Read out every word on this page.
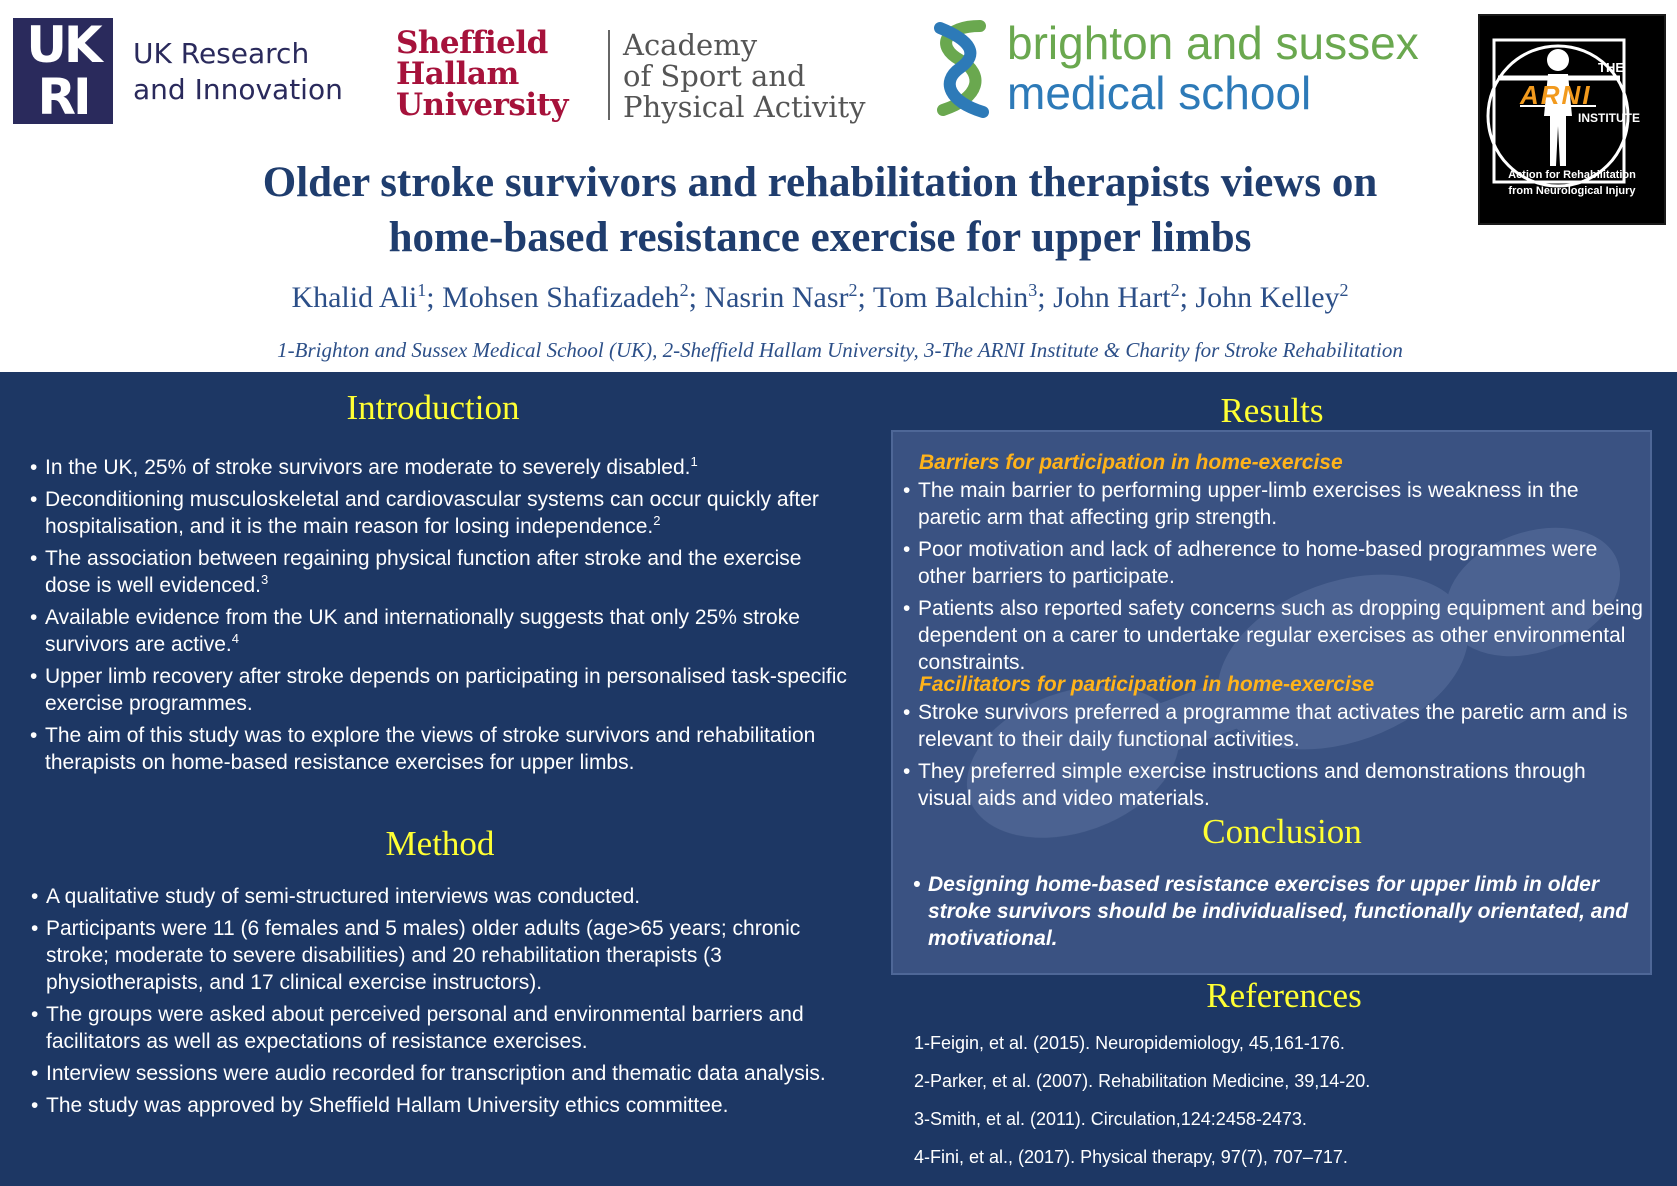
UK
RI
UK Research
and Innovation
Sheffield
Hallam
University
Academy
of Sport and
Physical Activity
brighton and sussex
medical school	THE
ARNI
INSTITUTE
Action for Rehabilitation
from Neurological Injury
Older stroke survivors and rehabilitation therapists views on
home-based resistance exercise for upper limbs
Khalid Ali$^1$; Mohsen Shafizadeh$^2$; Nasrin Nasr$^2$; Tom Balchin$^3$; John Hart$^2$; John Kelley$^2$
1-Brighton and Sussex Medical School (UK), 2-Sheffield Hallam University, 3-The ARNI Institute & Charity for Stroke Rehabilitation
Introduction
• In the UK, 25% of stroke survivors are moderate to severely disabled.$^1$
• Deconditioning musculoskeletal and cardiovascular systems can occur quickly after hospitalisation, and it is the main reason for losing independence.$^2$
• The association between regaining physical function after stroke and the exercise dose is well evidenced.$^3$
• Available evidence from the UK and internationally suggests that only 25% stroke survivors are active.$^4$
• Upper limb recovery after stroke depends on participating in personalised task-specific exercise programmes.
• The aim of this study was to explore the views of stroke survivors and rehabilitation therapists on home-based resistance exercises for upper limbs.
Method
• A qualitative study of semi-structured interviews was conducted.
• Participants were 11 (6 females and 5 males) older adults (age>65 years; chronic stroke; moderate to severe disabilities) and 20 rehabilitation therapists (3 physiotherapists, and 17 clinical exercise instructors).
• The groups were asked about perceived personal and environmental barriers and facilitators as well as expectations of resistance exercises.
• Interview sessions were audio recorded for transcription and thematic data analysis.
• The study was approved by Sheffield Hallam University ethics committee.
Results
Barriers for participation in home-exercise
• The main barrier to performing upper-limb exercises is weakness in the paretic arm that affecting grip strength.
• Poor motivation and lack of adherence to home-based programmes were other barriers to participate.
• Patients also reported safety concerns such as dropping equipment and being dependent on a carer to undertake regular exercises as other environmental constraints.
Facilitators for participation in home-exercise
• Stroke survivors preferred a programme that activates the paretic arm and is relevant to their daily functional activities.
• They preferred simple exercise instructions and demonstrations through visual aids and video materials.
Conclusion
• Designing home-based resistance exercises for upper limb in older stroke survivors should be individualised, functionally orientated, and motivational.
References
1-Feigin, et al. (2015). Neuropidemiology, 45,161-176.
2-Parker, et al. (2007). Rehabilitation Medicine, 39,14-20.
3-Smith, et al. (2011). Circulation,124:2458-2473.
4-Fini, et al., (2017). Physical therapy, 97(7), 707–717.
